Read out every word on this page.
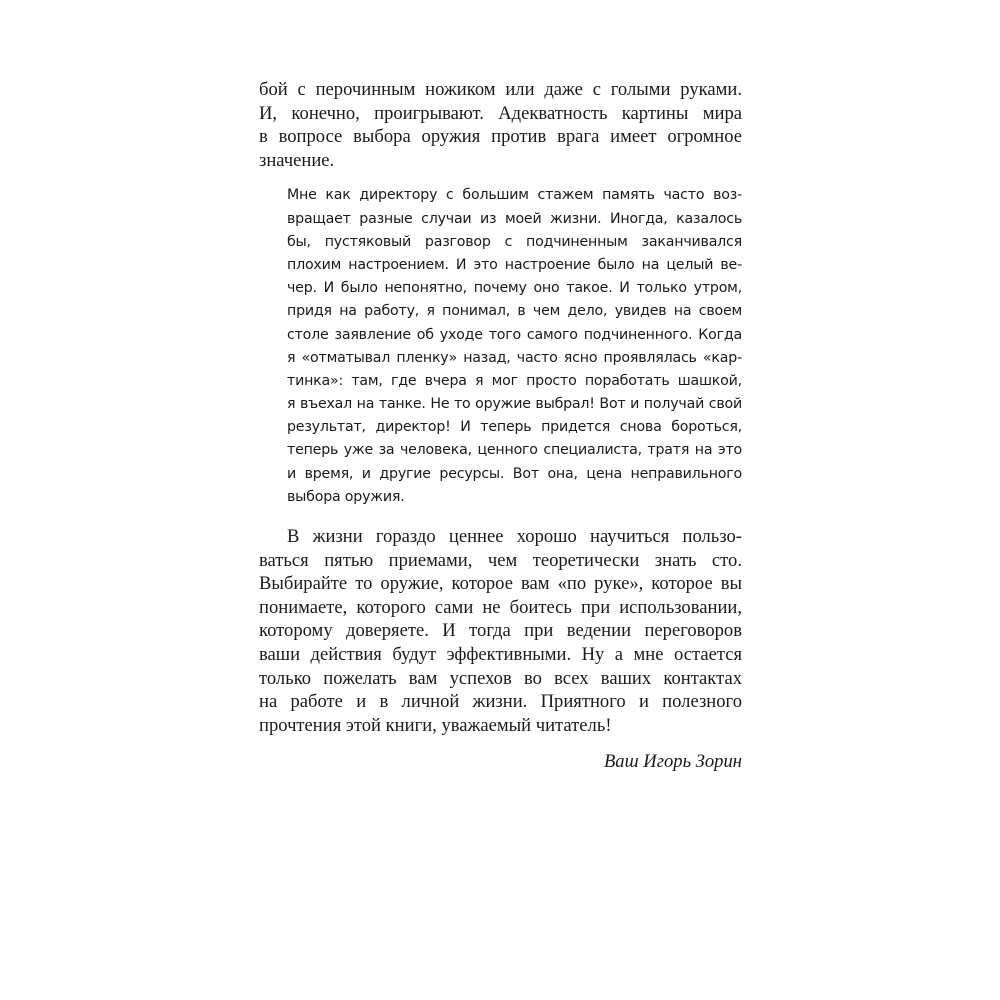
бой с перочинным ножиком или даже с голыми руками.
И, конечно, проигрывают. Адекватность картины мира
в вопросе выбора оружия против врага имеет огромное
значение.
Мне как директору с большим стажем память часто воз-
вращает разные случаи из моей жизни. Иногда, казалось
бы, пустяковый разговор с подчиненным заканчивался
плохим настроением. И это настроение было на целый ве-
чер. И было непонятно, почему оно такое. И только утром,
придя на работу, я понимал, в чем дело, увидев на своем
столе заявление об уходе того самого подчиненного. Когда
я «отматывал пленку» назад, часто ясно проявлялась «кар-
тинка»: там, где вчера я мог просто поработать шашкой,
я въехал на танке. Не то оружие выбрал! Вот и получай свой
результат, директор! И теперь придется снова бороться,
теперь уже за человека, ценного специалиста, тратя на это
и время, и другие ресурсы. Вот она, цена неправильного
выбора оружия.
В жизни гораздо ценнее хорошо научиться пользо-
ваться пятью приемами, чем теоретически знать сто.
Выбирайте то оружие, которое вам «по руке», которое вы
понимаете, которого сами не боитесь при использовании,
которому доверяете. И тогда при ведении переговоров
ваши действия будут эффективными. Ну а мне остается
только пожелать вам успехов во всех ваших контактах
на работе и в личной жизни. Приятного и полезного
прочтения этой книги, уважаемый читатель!
Ваш Игорь Зорин
